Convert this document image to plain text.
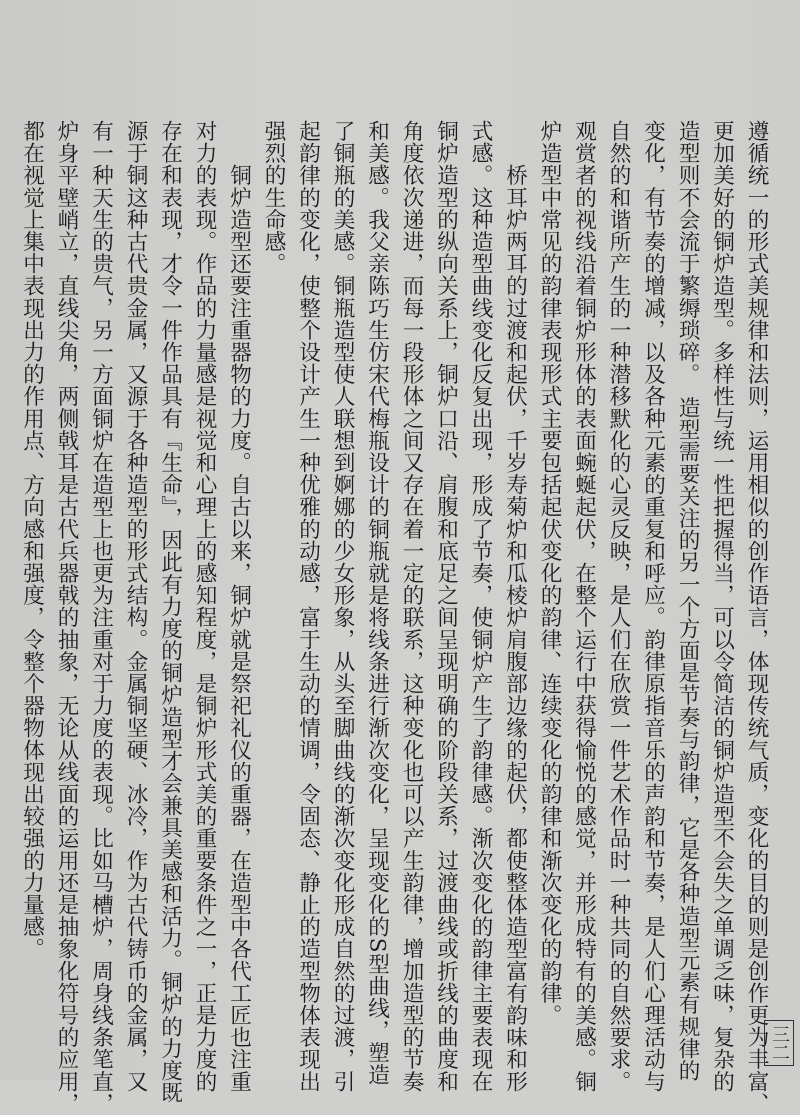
遵循统一的形式美规律和法则，运用相似的创作语言，体现传统气质，变化的目的则是创作更为丰富、
更加美好的铜炉造型。多样性与统一性把握得当，可以令简洁的铜炉造型不会失之单调乏味，复杂的
造型则不会流于繁缛琐碎。　造型需要关注的另一个方面是节奏与韵律，它是各种造型元素有规律的
变化，有节奏的增减，以及各种元素的重复和呼应。韵律原指音乐的声韵和节奏，是人们心理活动与
自然的和谐所产生的一种潜移默化的心灵反映，是人们在欣赏一件艺术作品时一种共同的自然要求。
观赏者的视线沿着铜炉形体的表面蜿蜒起伏，在整个运行中获得愉悦的感觉，并形成特有的美感。铜
炉造型中常见的韵律表现形式主要包括起伏变化的韵律、连续变化的韵律和渐次变化的韵律。
　　桥耳炉两耳的过渡和起伏，千岁寿菊炉和瓜棱炉肩腹部边缘的起伏，都使整体造型富有韵味和形
式感。这种造型曲线变化反复出现，形成了节奏，使铜炉产生了韵律感。渐次变化的韵律主要表现在
铜炉造型的纵向关系上，铜炉口沿、肩腹和底足之间呈现明确的阶段关系，过渡曲线或折线的曲度和
角度依次递进，而每一段形体之间又存在着一定的联系，这种变化也可以产生韵律，增加造型的节奏
和美感。我父亲陈巧生仿宋代梅瓶设计的铜瓶就是将线条进行渐次变化，呈现变化的S型曲线，塑造
了铜瓶的美感。铜瓶造型使人联想到婀娜的少女形象，从头至脚曲线的渐次变化形成自然的过渡，引
起韵律的变化，使整个设计产生一种优雅的动感，富于生动的情调，令固态、静止的造型物体表现出
强烈的生命感。
　　铜炉造型还要注重器物的力度。自古以来，铜炉就是祭祀礼仪的重器，在造型中各代工匠也注重
对力的表现。作品的力量感是视觉和心理上的感知程度，是铜炉形式美的重要条件之一，正是力度的
存在和表现，才令一件作品具有『生命』，因此有力度的铜炉造型才会兼具美感和活力。铜炉的力度既
源于铜这种古代贵金属，又源于各种造型的形式结构。金属铜坚硬、冰冷，作为古代铸币的金属，又
有一种天生的贵气，另一方面铜炉在造型上也更为注重对于力度的表现。比如马槽炉，周身线条笔直，
炉身平壁峭立，直线尖角，两侧戟耳是古代兵器戟的抽象，无论从线面的运用还是抽象化符号的应用，
都在视觉上集中表现出力的作用点、方向感和强度，令整个器物体现出较强的力量感。
三二
